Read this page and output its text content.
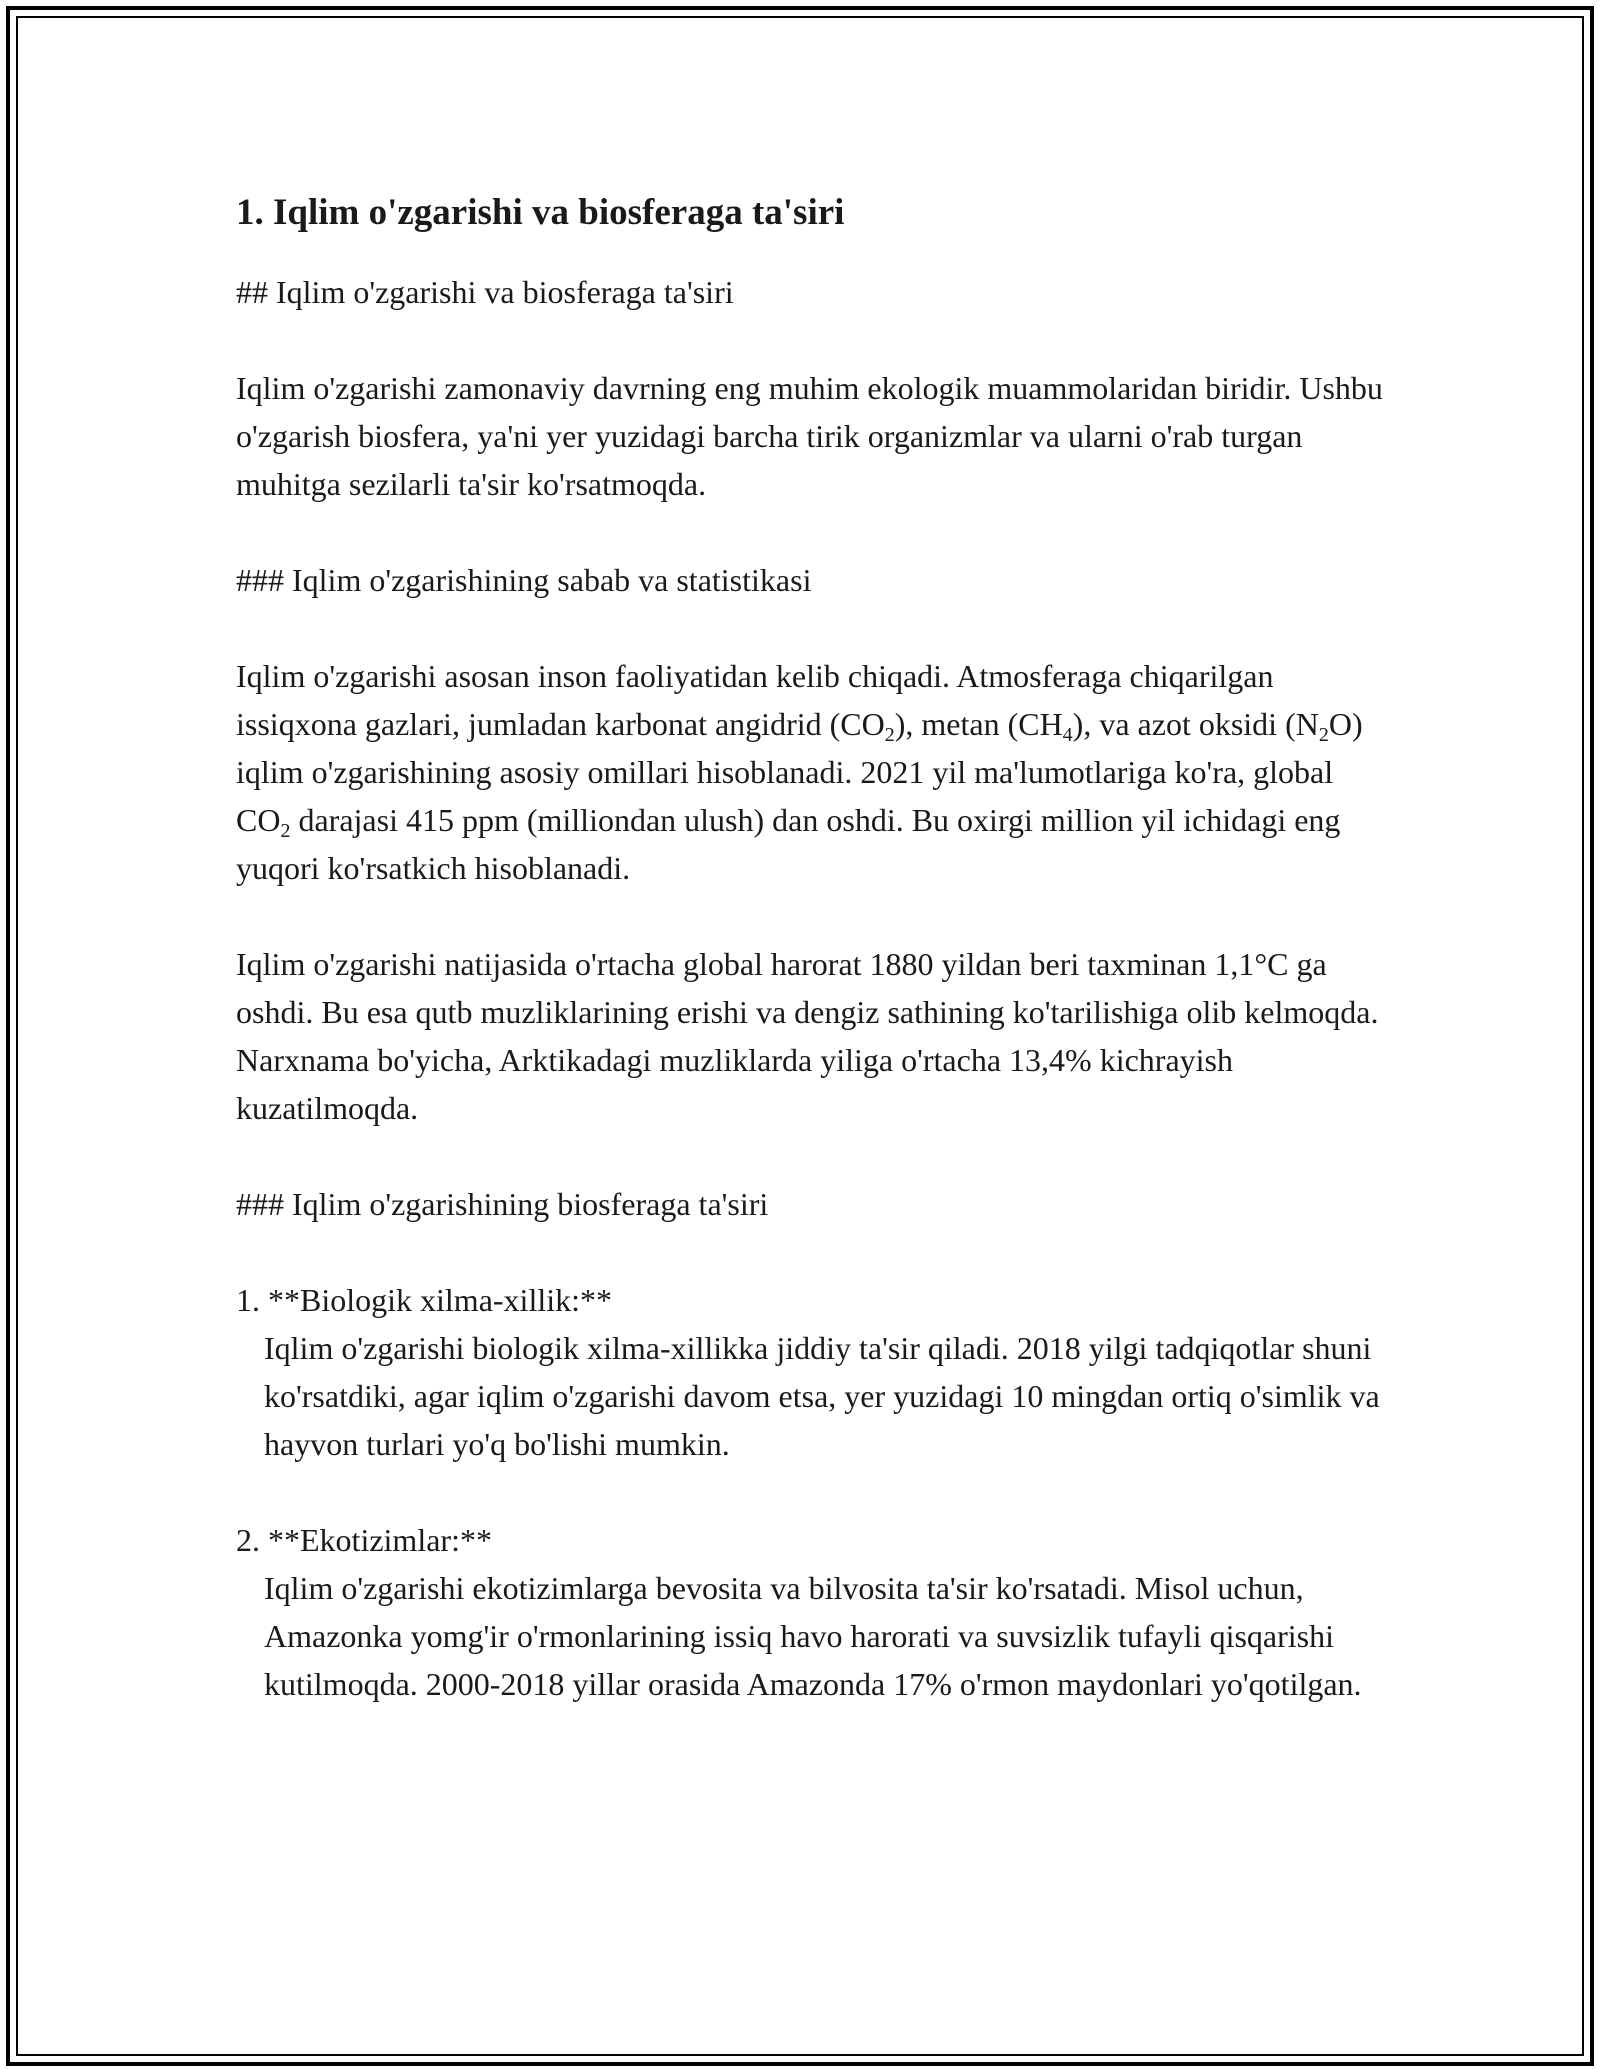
1. Iqlim o'zgarishi va biosferaga ta'siri

## Iqlim o'zgarishi va biosferaga ta'siri

Iqlim o'zgarishi zamonaviy davrning eng muhim ekologik muammolaridan biridir. Ushbu o'zgarish biosfera, ya'ni yer yuzidagi barcha tirik organizmlar va ularni o'rab turgan muhitga sezilarli ta'sir ko'rsatmoqda.

### Iqlim o'zgarishining sabab va statistikasi

Iqlim o'zgarishi asosan inson faoliyatidan kelib chiqadi. Atmosferaga chiqarilgan issiqxona gazlari, jumladan karbonat angidrid $(CO_2)$, metan $(CH_4)$, va azot oksidi $(N_2O)$ iqlim o'zgarishining asosiy omillari hisoblanadi. 2021 yil ma'lumotlariga ko'ra, global $CO_2$ darajasi 415 ppm (milliondan ulush) dan oshdi. Bu oxirgi million yil ichidagi eng yuqori ko'rsatkich hisoblanadi.

Iqlim o'zgarishi natijasida o'rtacha global harorat 1880 yildan beri taxminan 1,1°C ga oshdi. Bu esa qutb muzliklarining erishi va dengiz sathining ko'tarilishiga olib kelmoqda. Narxnama bo'yicha, Arktikadagi muzliklarda yiliga o'rtacha 13,4% kichrayish kuzatilmoqda.

### Iqlim o'zgarishining biosferaga ta'siri

1. **Biologik xilma-xillik:**

Iqlim o'zgarishi biologik xilma-xillikka jiddiy ta'sir qiladi. 2018 yilgi tadqiqotlar shuni ko'rsatdiki, agar iqlim o'zgarishi davom etsa, yer yuzidagi 10 mingdan ortiq o'simlik va hayvon turlari yo'q bo'lishi mumkin.

2. **Ekotizimlar:**

Iqlim o'zgarishi ekotizimlarga bevosita va bilvosita ta'sir ko'rsatadi. Misol uchun, Amazonka yomg'ir o'rmonlarining issiq havo harorati va suvsizlik tufayli qisqarishi kutilmoqda. 2000-2018 yillar orasida Amazonda 17% o'rmon maydonlari yo'qotilgan.
